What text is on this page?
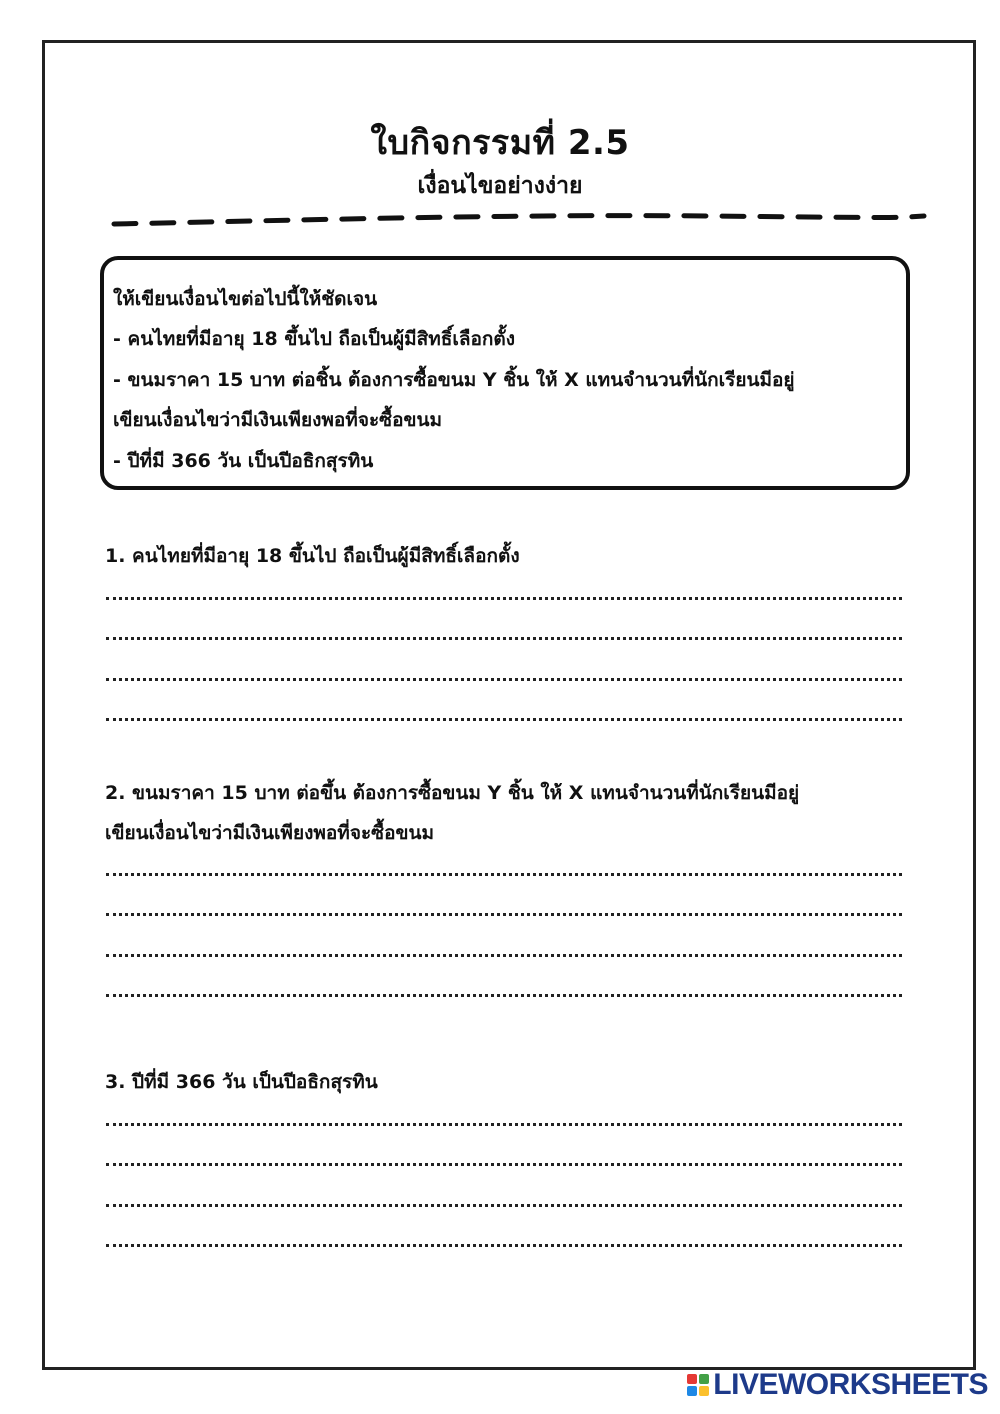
ใบกิจกรรมที่ 2.5
เงื่อนไขอย่างง่าย
ให้เขียนเงื่อนไขต่อไปนี้ให้ชัดเจน
- คนไทยที่มีอายุ 18 ขึ้นไป ถือเป็นผู้มีสิทธิ์เลือกตั้ง
- ขนมราคา 15 บาท ต่อชิ้น ต้องการซื้อขนม Y ชิ้น ให้ X แทนจำนวนที่นักเรียนมีอยู่
เขียนเงื่อนไขว่ามีเงินเพียงพอที่จะซื้อขนม
- ปีที่มี 366 วัน เป็นปีอธิกสุรทิน
1. คนไทยที่มีอายุ 18 ขึ้นไป ถือเป็นผู้มีสิทธิ์เลือกตั้ง
2. ขนมราคา 15 บาท ต่อขึ้น ต้องการซื้อขนม Y ชิ้น ให้ X แทนจำนวนที่นักเรียนมีอยู่
เขียนเงื่อนไขว่ามีเงินเพียงพอที่จะซื้อขนม
3. ปีที่มี 366 วัน เป็นปีอธิกสุรทิน
LIVEWORKSHEETS
